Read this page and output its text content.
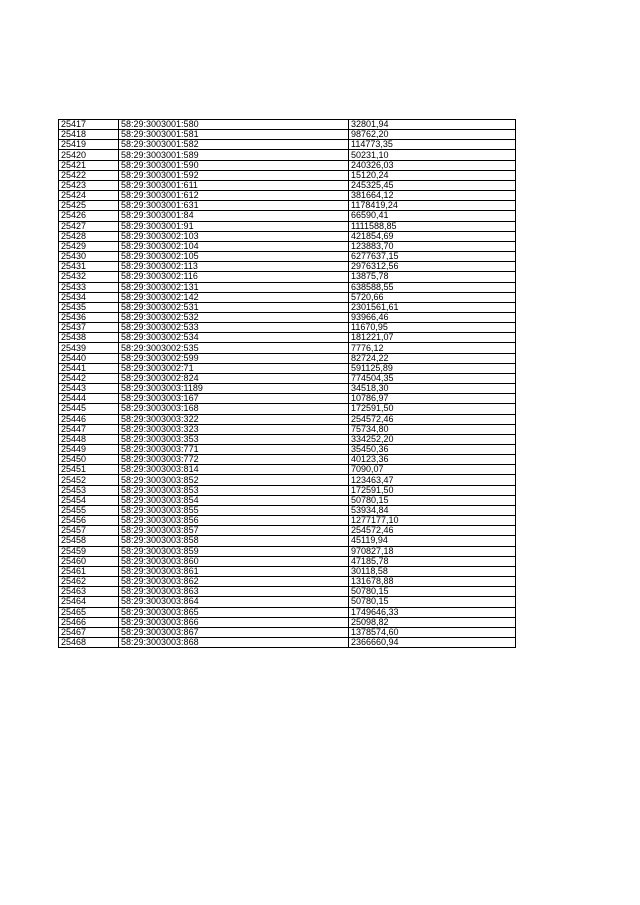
25417	58:29:3003001:580	32801,94
25418	58:29:3003001:581	98762,20
25419	58:29:3003001:582	114773,35
25420	58:29:3003001:589	50231,10
25421	58:29:3003001:590	240326,03
25422	58:29:3003001:592	15120,24
25423	58:29:3003001:611	245325,45
25424	58:29:3003001:612	381664,12
25425	58:29:3003001:631	1178419,24
25426	58:29:3003001:84	66590,41
25427	58:29:3003001:91	1111588,85
25428	58:29:3003002:103	421854,69
25429	58:29:3003002:104	123883,70
25430	58:29:3003002:105	6277637,15
25431	58:29:3003002:113	2976312,56
25432	58:29:3003002:116	13875,78
25433	58:29:3003002:131	638588,55
25434	58:29:3003002:142	5720,66
25435	58:29:3003002:531	2301561,61
25436	58:29:3003002:532	93966,46
25437	58:29:3003002:533	11670,95
25438	58:29:3003002:534	181221,07
25439	58:29:3003002:535	7776,12
25440	58:29:3003002:599	82724,22
25441	58:29:3003002:71	591125,89
25442	58:29:3003002:824	774504,35
25443	58:29:3003003:1189	34518,30
25444	58:29:3003003:167	10786,97
25445	58:29:3003003:168	172591,50
25446	58:29:3003003:322	254572,46
25447	58:29:3003003:323	75734,80
25448	58:29:3003003:353	334252,20
25449	58:29:3003003:771	35450,36
25450	58:29:3003003:772	40123,36
25451	58:29:3003003:814	7090,07
25452	58:29:3003003:852	123463,47
25453	58:29:3003003:853	172591,50
25454	58:29:3003003:854	50780,15
25455	58:29:3003003:855	53934,84
25456	58:29:3003003:856	1277177,10
25457	58:29:3003003:857	254572,46
25458	58:29:3003003:858	45119,94
25459	58:29:3003003:859	970827,18
25460	58:29:3003003:860	47185,78
25461	58:29:3003003:861	30118,58
25462	58:29:3003003:862	131678,88
25463	58:29:3003003:863	50780,15
25464	58:29:3003003:864	50780,15
25465	58:29:3003003:865	1749646,33
25466	58:29:3003003:866	25098,82
25467	58:29:3003003:867	1378574,60
25468	58:29:3003003:868	2366660,94
